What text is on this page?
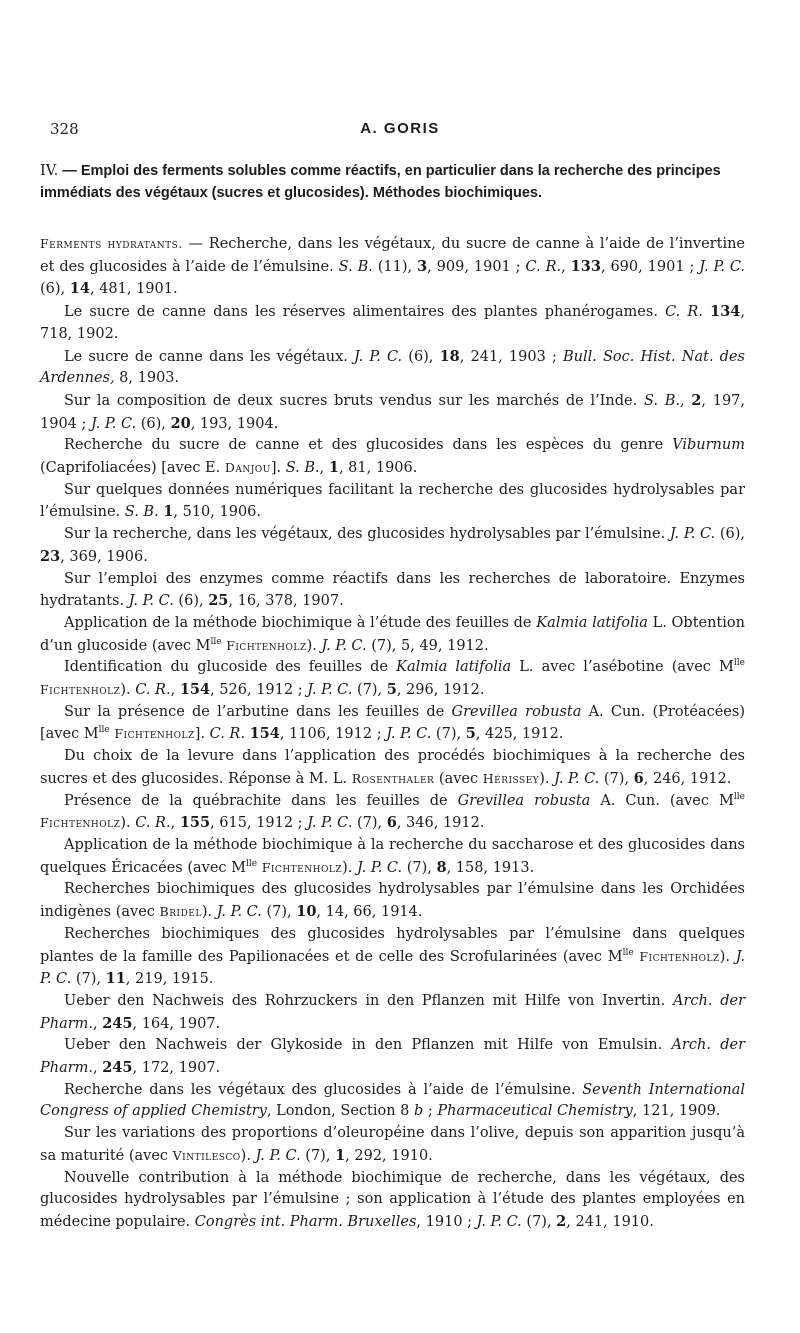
328	A. GORIS
IV. — Emploi des ferments solubles comme réactifs, en particulier dans la recherche des principes immédiats des végétaux (sucres et glucosides). Méthodes biochimiques.

Ferments hydratants. — Recherche, dans les végétaux, du sucre de canne à l’aide de l’invertine et des glucosides à l’aide de l’émulsine. S. B. (11), 3, 909, 1901 ; C. R., 133, 690, 1901 ; J. P. C. (6), 14, 481, 1901.

Le sucre de canne dans les réserves alimentaires des plantes phanérogames. C. R. 134, 718, 1902.

Le sucre de canne dans les végétaux. J. P. C. (6), 18, 241, 1903 ; Bull. Soc. Hist. Nat. des Ardennes, 8, 1903.

Sur la composition de deux sucres bruts vendus sur les marchés de l’Inde. S. B., 2, 197, 1904 ; J. P. C. (6), 20, 193, 1904.

Recherche du sucre de canne et des glucosides dans les espèces du genre Viburnum (Caprifoliacées) [avec E. Danjou]. S. B., 1, 81, 1906.

Sur quelques données numériques facilitant la recherche des glucosides hydrolysables par l’émulsine. S. B. 1, 510, 1906.

Sur la recherche, dans les végétaux, des glucosides hydrolysables par l’émulsine. J. P. C. (6), 23, 369, 1906.

Sur l’emploi des enzymes comme réactifs dans les recherches de laboratoire. Enzymes hydratants. J. P. C. (6), 25, 16, 378, 1907.

Application de la méthode biochimique à l’étude des feuilles de Kalmia latifolia L. Obtention d’un glucoside (avec $M^{lle}$ Fichtenholz). J. P. C. (7), 5, 49, 1912.

Identification du glucoside des feuilles de Kalmia latifolia L. avec l’asébotine (avec $M^{lle}$ Fichtenholz). C. R., 154, 526, 1912 ; J. P. C. (7), 5, 296, 1912.

Sur la présence de l’arbutine dans les feuilles de Grevillea robusta A. Cun. (Protéacées) [avec $M^{lle}$ Fichtenholz]. C. R. 154, 1106, 1912 ; J. P. C. (7), 5, 425, 1912.

Du choix de la levure dans l’application des procédés biochimiques à la recherche des sucres et des glucosides. Réponse à M. L. Rosenthaler (avec Hérissey). J. P. C. (7), 6, 246, 1912.

Présence de la québrachite dans les feuilles de Grevillea robusta A. Cun. (avec $M^{lle}$ Fichtenholz). C. R., 155, 615, 1912 ; J. P. C. (7), 6, 346, 1912.

Application de la méthode biochimique à la recherche du saccharose et des glucosides dans quelques Éricacées (avec $M^{lle}$ Fichtenholz). J. P. C. (7), 8, 158, 1913.

Recherches biochimiques des glucosides hydrolysables par l’émulsine dans les Orchidées indigènes (avec Bridel). J. P. C. (7), 10, 14, 66, 1914.

Recherches biochimiques des glucosides hydrolysables par l’émulsine dans quelques plantes de la famille des Papilionacées et de celle des Scrofularinées (avec $M^{lle}$ Fichtenholz). J. P. C. (7), 11, 219, 1915.

Ueber den Nachweis des Rohrzuckers in den Pflanzen mit Hilfe von Invertin. Arch. der Pharm., 245, 164, 1907.

Ueber den Nachweis der Glykoside in den Pflanzen mit Hilfe von Emulsin. Arch. der Pharm., 245, 172, 1907.

Recherche dans les végétaux des glucosides à l’aide de l’émulsine. Seventh International Congress of applied Chemistry, London, Section 8 b ; Pharmaceutical Chemistry, 121, 1909.

Sur les variations des proportions d’oleuropéine dans l’olive, depuis son apparition jusqu’à sa maturité (avec Vintilesco). J. P. C. (7), 1, 292, 1910.

Nouvelle contribution à la méthode biochimique de recherche, dans les végétaux, des glucosides hydrolysables par l’émulsine ; son application à l’étude des plantes employées en médecine populaire. Congrès int. Pharm. Bruxelles, 1910 ; J. P. C. (7), 2, 241, 1910.
